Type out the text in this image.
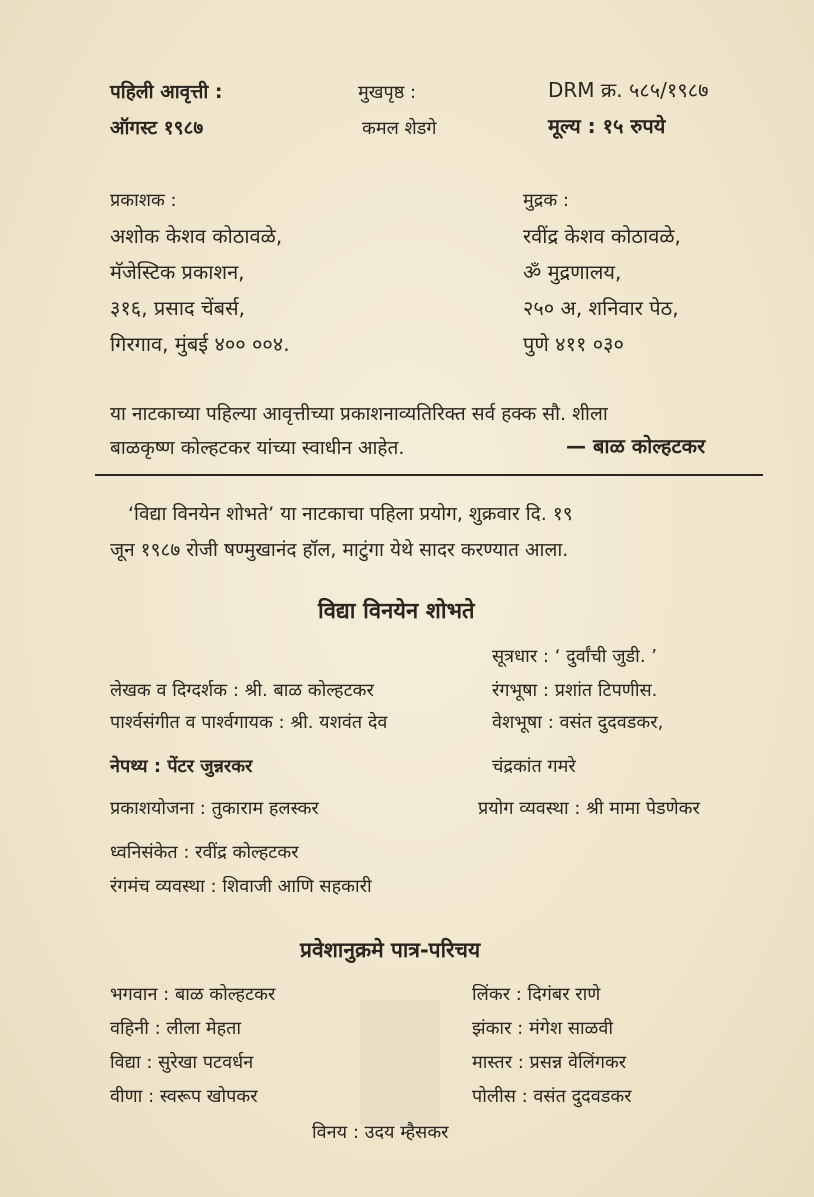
पहिली आवृत्ती :
ऑगस्ट १९८७
मुखपृष्ठ :
कमल शेडगे
DRM क्र. ५८५/१९८७
मूल्य : १५ रुपये
प्रकाशक :
अशोक केशव कोठावळे,
मॅजेस्टिक प्रकाशन,
३१६, प्रसाद चेंबर्स,
गिरगाव, मुंबई ४०० ००४.
मुद्रक :
रवींद्र केशव कोठावळे,
ॐ मुद्रणालय,
२५० अ, शनिवार पेठ,
पुणे ४११ ०३०
या नाटकाच्या पहिल्या आवृत्तीच्या प्रकाशनाव्यतिरिक्त सर्व हक्क सौ. शीला
बाळकृष्ण कोल्हटकर यांच्या स्वाधीन आहेत.	— बाळ कोल्हटकर
‘विद्या विनयेन शोभते’ या नाटकाचा पहिला प्रयोग, शुक्रवार दि. १९
जून १९८७ रोजी षण्मुखानंद हॉल, माटुंगा येथे सादर करण्यात आला.
विद्या विनयेन शोभते
लेखक व दिग्दर्शक : श्री. बाळ कोल्हटकर
पार्श्वसंगीत व पार्श्वगायक : श्री. यशवंत देव
नेपथ्य : पेंटर जुन्नरकर
प्रकाशयोजना : तुकाराम हलस्कर
ध्वनिसंकेत : रवींद्र कोल्हटकर
रंगमंच व्यवस्था : शिवाजी आणि सहकारी
सूत्रधार : ‘ दुर्वांची जुडी. ’
रंगभूषा : प्रशांत टिपणीस.
वेशभूषा : वसंत दुदवडकर,
चंद्रकांत गमरे
प्रयोग व्यवस्था : श्री मामा पेडणेकर
प्रवेशानुक्रमे पात्र-परिचय
भगवान : बाळ कोल्हटकर
वहिनी : लीला मेहता
विद्या : सुरेखा पटवर्धन
वीणा : स्वरूप खोपकर
लिंकर : दिगंबर राणे
झंकार : मंगेश साळवी
मास्तर : प्रसन्न वेलिंगकर
पोलीस : वसंत दुदवडकर
विनय : उदय म्हैसकर
